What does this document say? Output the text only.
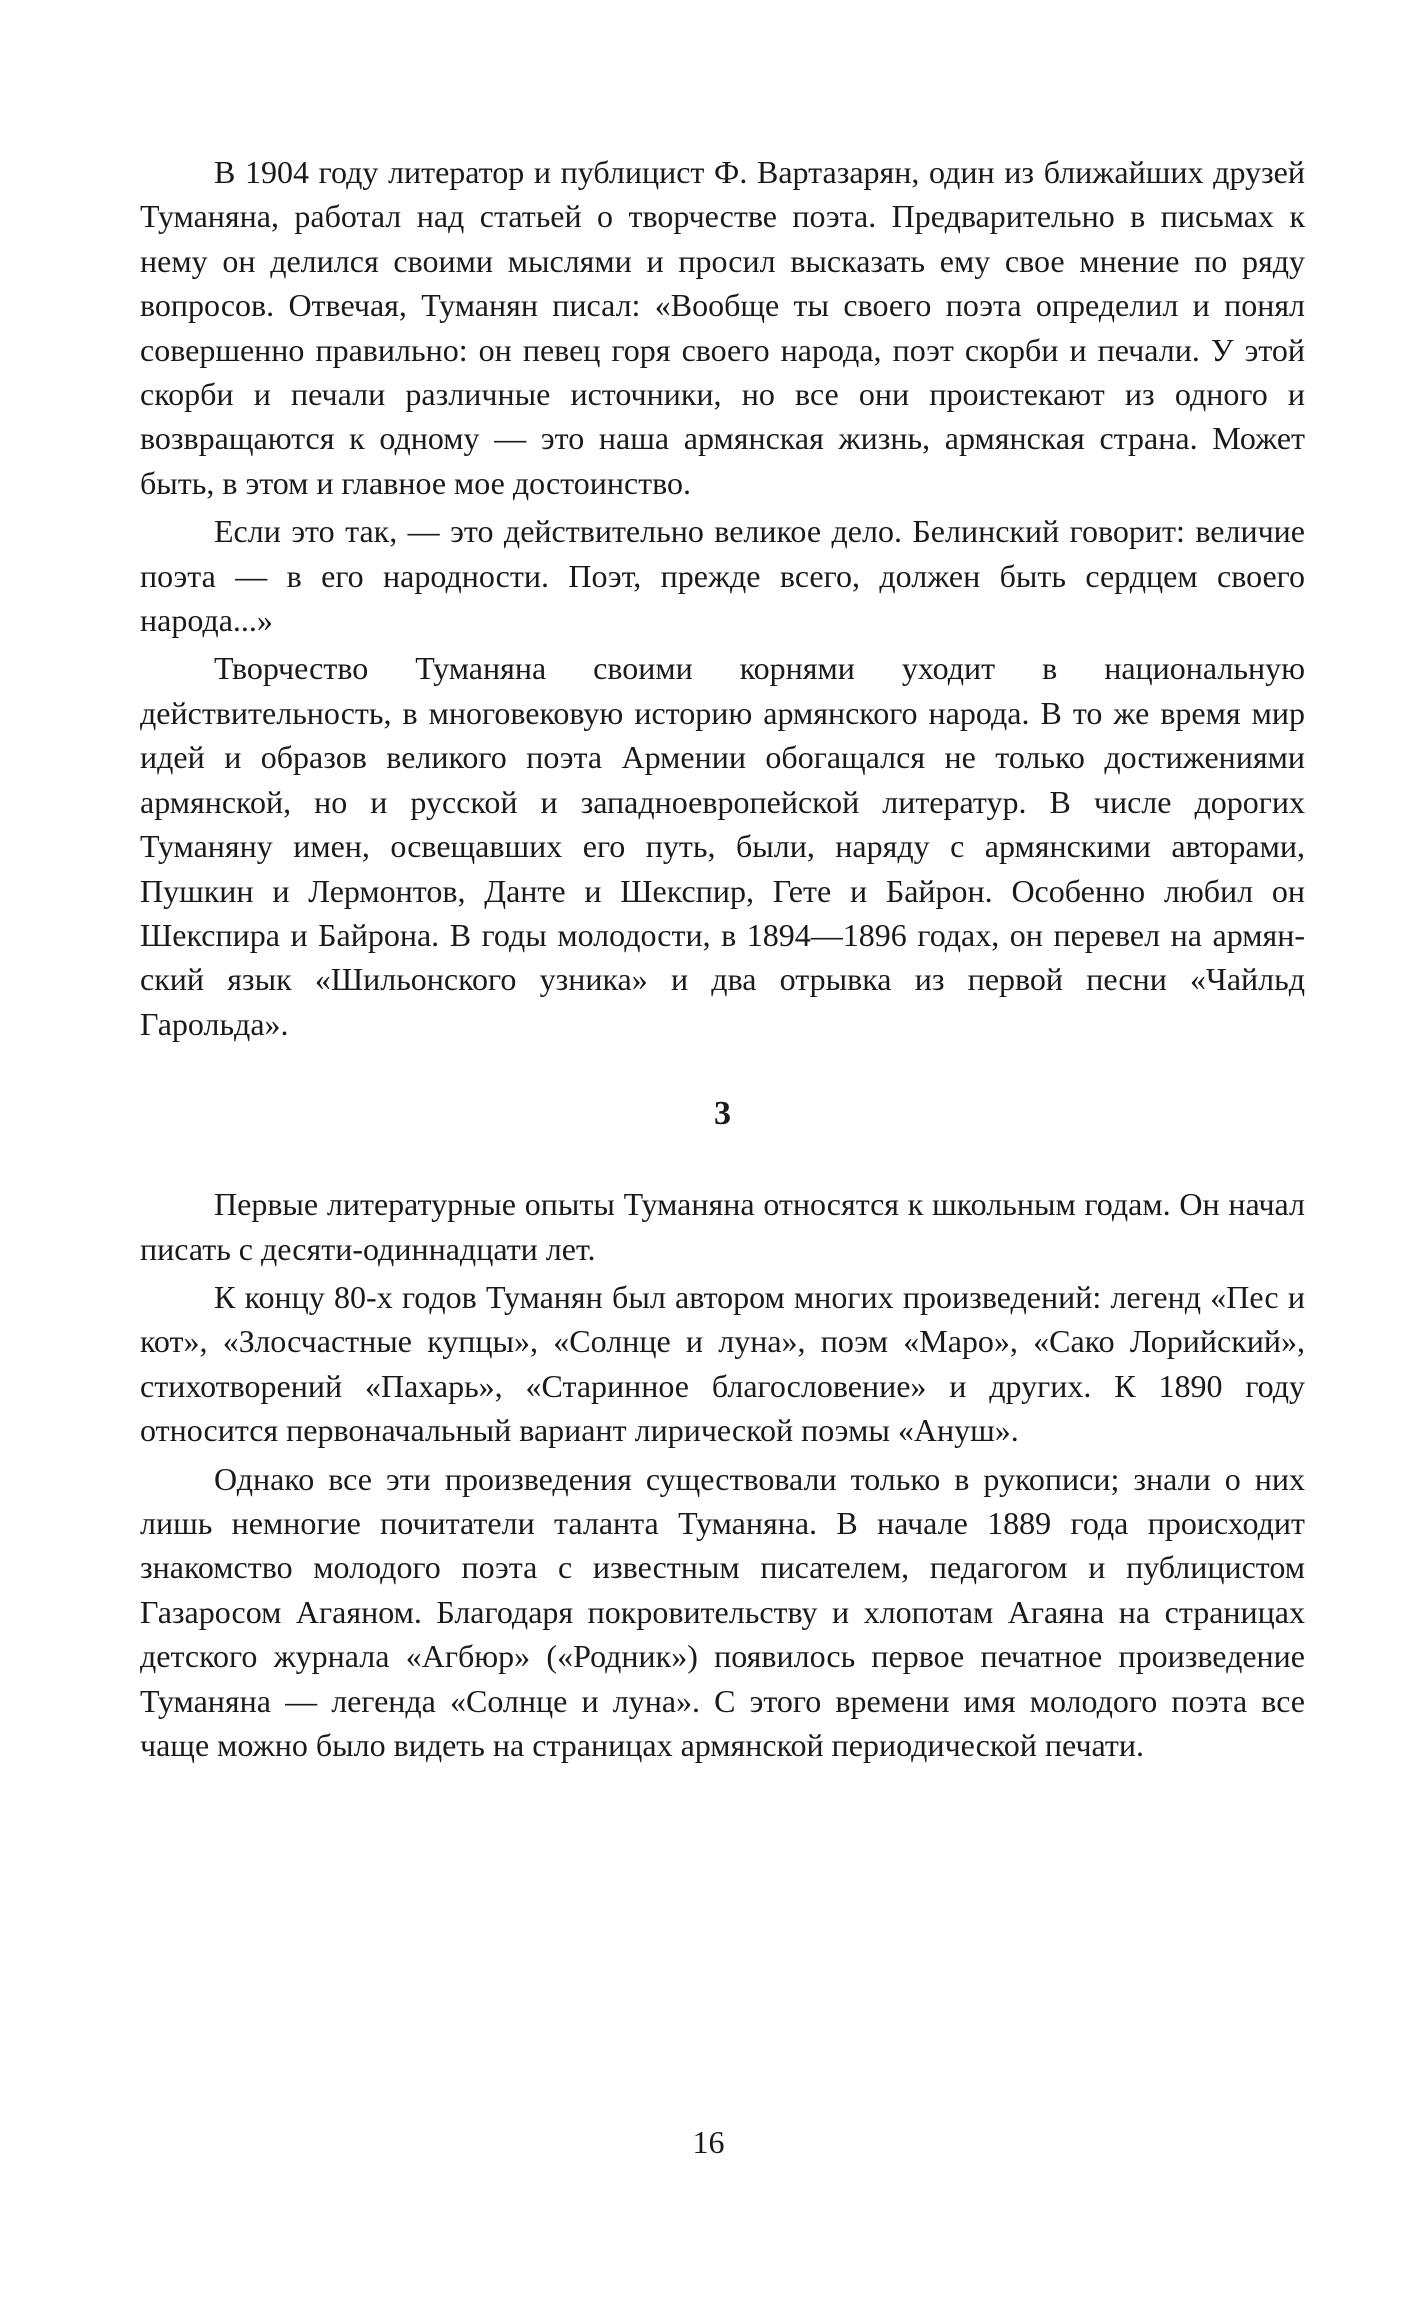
В 1904 году литератор и публицист Ф. Вартазарян, один из ближайших друзей Туманяна, работал над статьей о творчестве поэта. Предварительно в письмах к нему он делился своими мыслями и просил высказать ему свое мнение по ряду вопросов. Отвечая, Туманян писал: «Вообще ты своего поэта определил и понял совершенно правильно: он певец горя своего народа, поэт скорби и печали. У этой скорби и печали различные источники, но все они проистекают из одного и возвращаются к одному — это наша армянская жизнь, армянская страна. Может быть, в этом и главное мое достоинство.

Если это так, — это действительно великое дело. Белинский говорит: величие поэта — в его народности. Поэт, прежде всего, должен быть сердцем своего народа...»

Творчество Туманяна своими корнями уходит в национальную действительность, в многовековую историю армянского народа. В то же время мир идей и образов великого поэта Армении обогащался не только достижениями армянской, но и русской и западноевропейской литератур. В числе дорогих Туманяну имен, освещавших его путь, были, наряду с армянскими авторами, Пушкин и Лермонтов, Данте и Шекспир, Гете и Байрон. Особенно любил он Шекспира и Байрона. В годы молодости, в 1894—1896 годах, он перевел на армянский язык «Шильонского узника» и два отрывка из первой песни «Чайльд Гарольда».

3

Первые литературные опыты Туманяна относятся к школьным годам. Он начал писать с десяти-одиннадцати лет.

К концу 80-х годов Туманян был автором многих произведений: легенд «Пес и кот», «Злосчастные купцы», «Солнце и луна», поэм «Маро», «Сако Лорийский», стихотворений «Пахарь», «Старинное благословение» и других. К 1890 году относится первоначальный вариант лирической поэмы «Ануш».

Однако все эти произведения существовали только в рукописи; знали о них лишь немногие почитатели таланта Туманяна. В начале 1889 года происходит знакомство молодого поэта с известным писателем, педагогом и публицистом Газаросом Агаяном. Благодаря покровительству и хлопотам Агаяна на страницах детского журнала «Агбюр» («Родник») появилось первое печатное произведение Туманяна — легенда «Солнце и луна». С этого времени имя молодого поэта все чаще можно было видеть на страницах армянской периодической печати.

16
